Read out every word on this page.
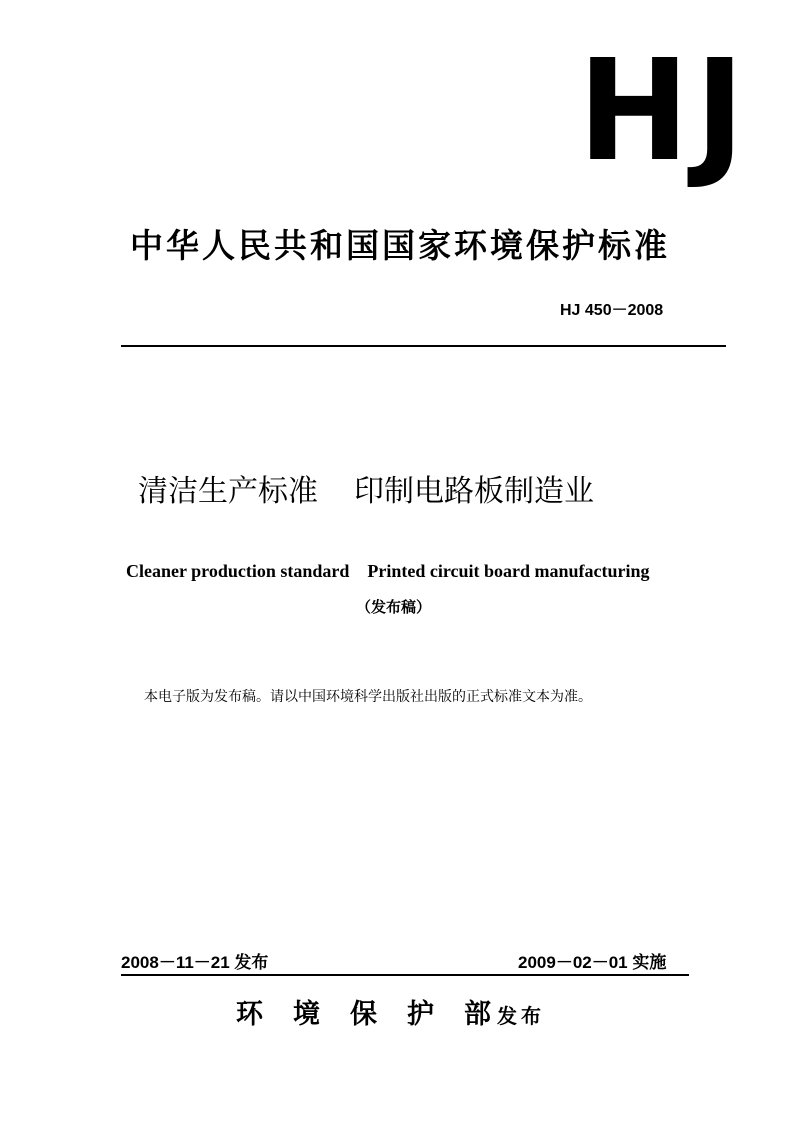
HJ
中华人民共和国国家环境保护标准
HJ 450－2008
清洁生产标准 印制电路板制造业
Cleaner production standard Printed circuit board manufacturing
（发布稿）
本电子版为发布稿。请以中国环境科学出版社出版的正式标准文本为准。
2008－11－21 发布	2009－02－01 实施
环 境 保 护 部 发布
